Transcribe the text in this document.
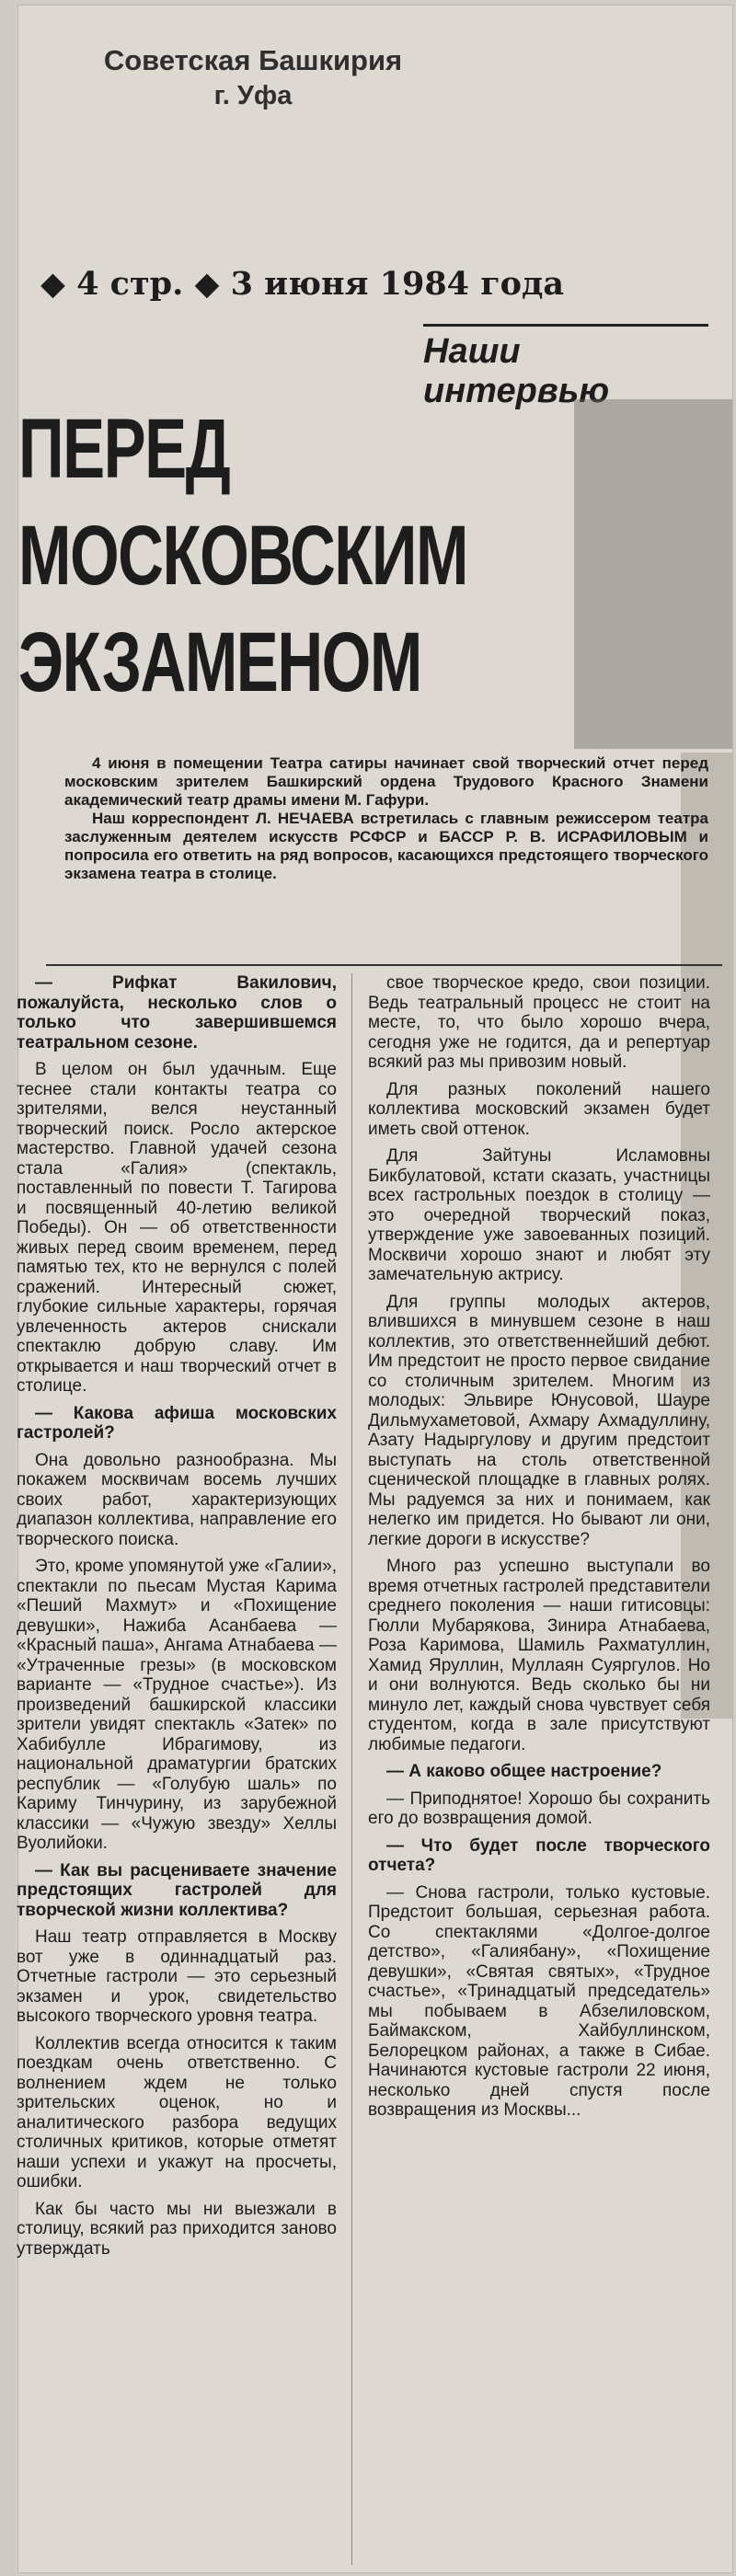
Советская Башкирия
г. Уфа
◆ 4 стр. ◆ 3 июня 1984 года
Наши интервью
ПЕРЕД
МОСКОВСКИМ
ЭКЗАМЕНОМ

4 июня в помещении Театра сатиры начинает свой творческий отчет перед московским зрителем Башкирский ордена Трудового Красного Знамени академический театр драмы имени М. Гафури.

Наш корреспондент Л. НЕЧАЕВА встретилась с главным режиссером театра заслуженным деятелем искусств РСФСР и БАССР Р. В. ИСРАФИЛОВЫМ и попросила его ответить на ряд вопросов, касающихся предстоящего творческого экзамена театра в столице.

— Рифкат Вакилович, пожалуйста, несколько слов о только что завершившемся театральном сезоне.

В целом он был удачным. Еще теснее стали контакты театра со зрителями, велся неустанный творческий поиск. Росло актерское мастерство. Главной удачей сезона стала «Галия» (спектакль, поставленный по повести Т. Тагирова и посвященный 40-летию великой Победы). Он — об ответственности живых перед своим временем, перед памятью тех, кто не вернулся с полей сражений. Интересный сюжет, глубокие сильные характеры, горячая увлеченность актеров снискали спектаклю добрую славу. Им открывается и наш творческий отчет в столице.

— Какова афиша московских гастролей?

Она довольно разнообразна. Мы покажем москвичам восемь лучших своих работ, характеризующих диапазон коллектива, направление его творческого поиска.

Это, кроме упомянутой уже «Галии», спектакли по пьесам Мустая Карима «Пеший Махмут» и «Похищение девушки», Нажиба Асанбаева — «Красный паша», Ангама Атнабаева — «Утраченные грезы» (в московском варианте — «Трудное счастье»). Из произведений башкирской классики зрители увидят спектакль «Затек» по Хабибулле Ибрагимову, из национальной драматургии братских республик — «Голубую шаль» по Кариму Тинчурину, из зарубежной классики — «Чужую звезду» Хеллы Вуолийоки.

— Как вы расцениваете значение предстоящих гастролей для творческой жизни коллектива?

Наш театр отправляется в Москву вот уже в одиннадцатый раз. Отчетные гастроли — это серьезный экзамен и урок, свидетельство высокого творческого уровня театра.

Коллектив всегда относится к таким поездкам очень ответственно. С волнением ждем не только зрительских оценок, но и аналитического разбора ведущих столичных критиков, которые отметят наши успехи и укажут на просчеты, ошибки.

Как бы часто мы ни выезжали в столицу, всякий раз приходится заново утверждать

свое творческое кредо, свои позиции. Ведь театральный процесс не стоит на месте, то, что было хорошо вчера, сегодня уже не годится, да и репертуар всякий раз мы привозим новый.

Для разных поколений нашего коллектива московский экзамен будет иметь свой оттенок.

Для Зайтуны Исламовны Бикбулатовой, кстати сказать, участницы всех гастрольных поездок в столицу — это очередной творческий показ, утверждение уже завоеванных позиций. Москвичи хорошо знают и любят эту замечательную актрису.

Для группы молодых актеров, влившихся в минувшем сезоне в наш коллектив, это ответственнейший дебют. Им предстоит не просто первое свидание со столичным зрителем. Многим из молодых: Эльвире Юнусовой, Шауре Дильмухаметовой, Ахмару Ахмадуллину, Азату Надыргулову и другим предстоит выступать на столь ответственной сценической площадке в главных ролях. Мы радуемся за них и понимаем, как нелегко им придется. Но бывают ли они, легкие дороги в искусстве?

Много раз успешно выступали во время отчетных гастролей представители среднего поколения — наши гитисовцы: Гюлли Мубарякова, Зинира Атнабаева, Роза Каримова, Шамиль Рахматуллин, Хамид Яруллин, Муллаян Суяргулов. Но и они волнуются. Ведь сколько бы ни минуло лет, каждый снова чувствует себя студентом, когда в зале присутствуют любимые педагоги.

— А каково общее настроение?

— Приподнятое! Хорошо бы сохранить его до возвращения домой.

— Что будет после творческого отчета?

— Снова гастроли, только кустовые. Предстоит большая, серьезная работа. Со спектаклями «Долгое-долгое детство», «Галиябану», «Похищение девушки», «Святая святых», «Трудное счастье», «Тринадцатый председатель» мы побываем в Абзелиловском, Баймакском, Хайбуллинском, Белорецком районах, а также в Сибае. Начинаются кустовые гастроли 22 июня, несколько дней спустя после возвращения из Москвы...
